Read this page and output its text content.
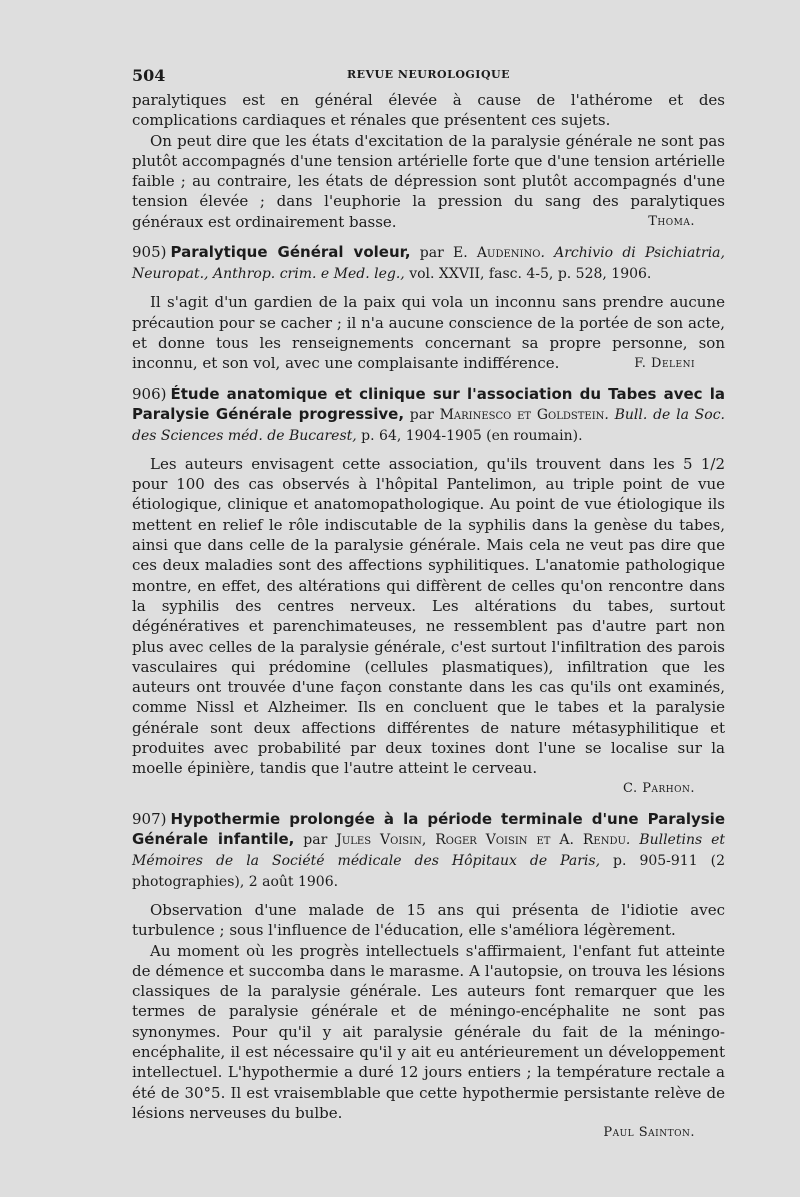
504	REVUE NEUROLOGIQUE

paralytiques est en général élevée à cause de l'athérome et des complications cardiaques et rénales que présentent ces sujets.

On peut dire que les états d'excitation de la paralysie générale ne sont pas plutôt accompagnés d'une tension artérielle forte que d'une tension artérielle faible ; au contraire, les états de dépression sont plutôt accompagnés d'une tension élevée ; dans l'euphorie la pression du sang des paralytiques généraux est ordinairement basse.	Thoma.

905) Paralytique Général voleur, par E. Audenino. Archivio di Psichiatria, Neuropat., Anthrop. crim. e Med. leg., vol. XXVII, fasc. 4-5, p. 528, 1906.

Il s'agit d'un gardien de la paix qui vola un inconnu sans prendre aucune précaution pour se cacher ; il n'a aucune conscience de la portée de son acte, et donne tous les renseignements concernant sa propre personne, son inconnu, et son vol, avec une complaisante indifférence.	F. Deleni

906) Étude anatomique et clinique sur l'association du Tabes avec la Paralysie Générale progressive, par Marinesco et Goldstein. Bull. de la Soc. des Sciences méd. de Bucarest, p. 64, 1904-1905 (en roumain).

Les auteurs envisagent cette association, qu'ils trouvent dans les 5 1/2 pour 100 des cas observés à l'hôpital Pantelimon, au triple point de vue étiologique, clinique et anatomopathologique. Au point de vue étiologique ils mettent en relief le rôle indiscutable de la syphilis dans la genèse du tabes, ainsi que dans celle de la paralysie générale. Mais cela ne veut pas dire que ces deux maladies sont des affections syphilitiques. L'anatomie pathologique montre, en effet, des altérations qui diffèrent de celles qu'on rencontre dans la syphilis des centres nerveux. Les altérations du tabes, surtout dégénératives et parenchimateuses, ne ressemblent pas d'autre part non plus avec celles de la paralysie générale, c'est surtout l'infiltration des parois vasculaires qui prédomine (cellules plasmatiques), infiltration que les auteurs ont trouvée d'une façon constante dans les cas qu'ils ont examinés, comme Nissl et Alzheimer. Ils en concluent que le tabes et la paralysie générale sont deux affections différentes de nature métasyphilitique et produites avec probabilité par deux toxines dont l'une se localise sur la moelle épinière, tandis que l'autre atteint le cerveau.

C. Parhon.

907) Hypothermie prolongée à la période terminale d'une Paralysie Générale infantile, par Jules Voisin, Roger Voisin et A. Rendu. Bulletins et Mémoires de la Société médicale des Hôpitaux de Paris, p. 905-911 (2 photographies), 2 août 1906.

Observation d'une malade de 15 ans qui présenta de l'idiotie avec turbulence ; sous l'influence de l'éducation, elle s'améliora légèrement.

Au moment où les progrès intellectuels s'affirmaient, l'enfant fut atteinte de démence et succomba dans le marasme. A l'autopsie, on trouva les lésions classiques de la paralysie générale. Les auteurs font remarquer que les termes de paralysie générale et de méningo-encéphalite ne sont pas synonymes. Pour qu'il y ait paralysie générale du fait de la méningo-encéphalite, il est nécessaire qu'il y ait eu antérieurement un développement intellectuel. L'hypothermie a duré 12 jours entiers ; la température rectale a été de 30°5. Il est vraisemblable que cette hypothermie persistante relève de lésions nerveuses du bulbe.

Paul Sainton.
